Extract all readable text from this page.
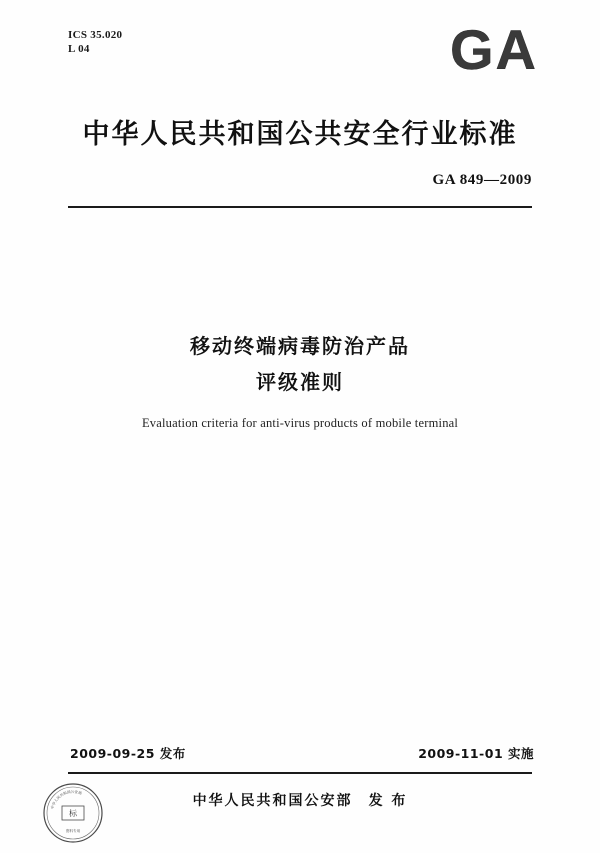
ICS 35.020
L 04	GA
中华人民共和国公共安全行业标准
GA 849—2009
移动终端病毒防治产品
评级准则
Evaluation criteria for anti-virus products of mobile terminal
2009-09-25 发布	2009-11-01 实施
中华人民共和国公安部 发 布
中华人民共和国公安部
标
资料专用
